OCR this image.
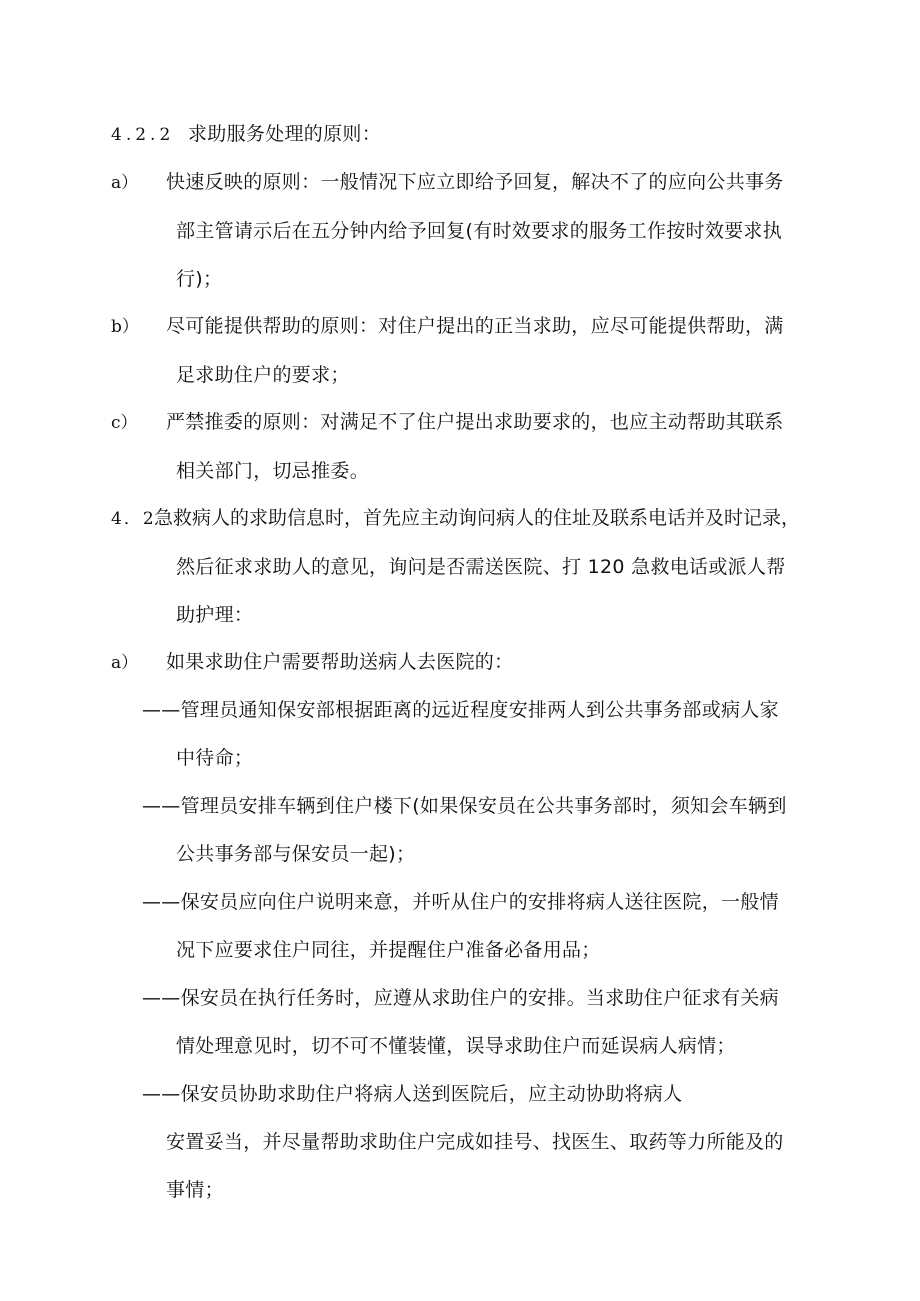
4.2.2 求助服务处理的原则：
a） 快速反映的原则：一般情况下应立即给予回复，解决不了的应向公共事务
部主管请示后在五分钟内给予回复(有时效要求的服务工作按时效要求执
行)；
b） 尽可能提供帮助的原则：对住户提出的正当求助，应尽可能提供帮助，满
足求助住户的要求；
c） 严禁推委的原则：对满足不了住户提出求助要求的，也应主动帮助其联系
相关部门，切忌推委。
4．2
急救病人的求助信息时，首先应主动询问病人的住址及联系电话并及时记录，
然后征求求助人的意见，询问是否需送医院、打 120 急救电话或派人帮
助护理：
a） 如果求助住户需要帮助送病人去医院的：
——管理员通知保安部根据距离的远近程度安排两人到公共事务部或病人家
中待命；
——管理员安排车辆到住户楼下(如果保安员在公共事务部时，须知会车辆到
公共事务部与保安员一起)；
——保安员应向住户说明来意，并听从住户的安排将病人送往医院，一般情
况下应要求住户同往，并提醒住户准备必备用品；
——保安员在执行任务时，应遵从求助住户的安排。当求助住户征求有关病
情处理意见时，切不可不懂装懂，误导求助住户而延误病人病情；
——保安员协助求助住户将病人送到医院后，应主动协助将病人
安置妥当，并尽量帮助求助住户完成如挂号、找医生、取药等力所能及的
事情；
